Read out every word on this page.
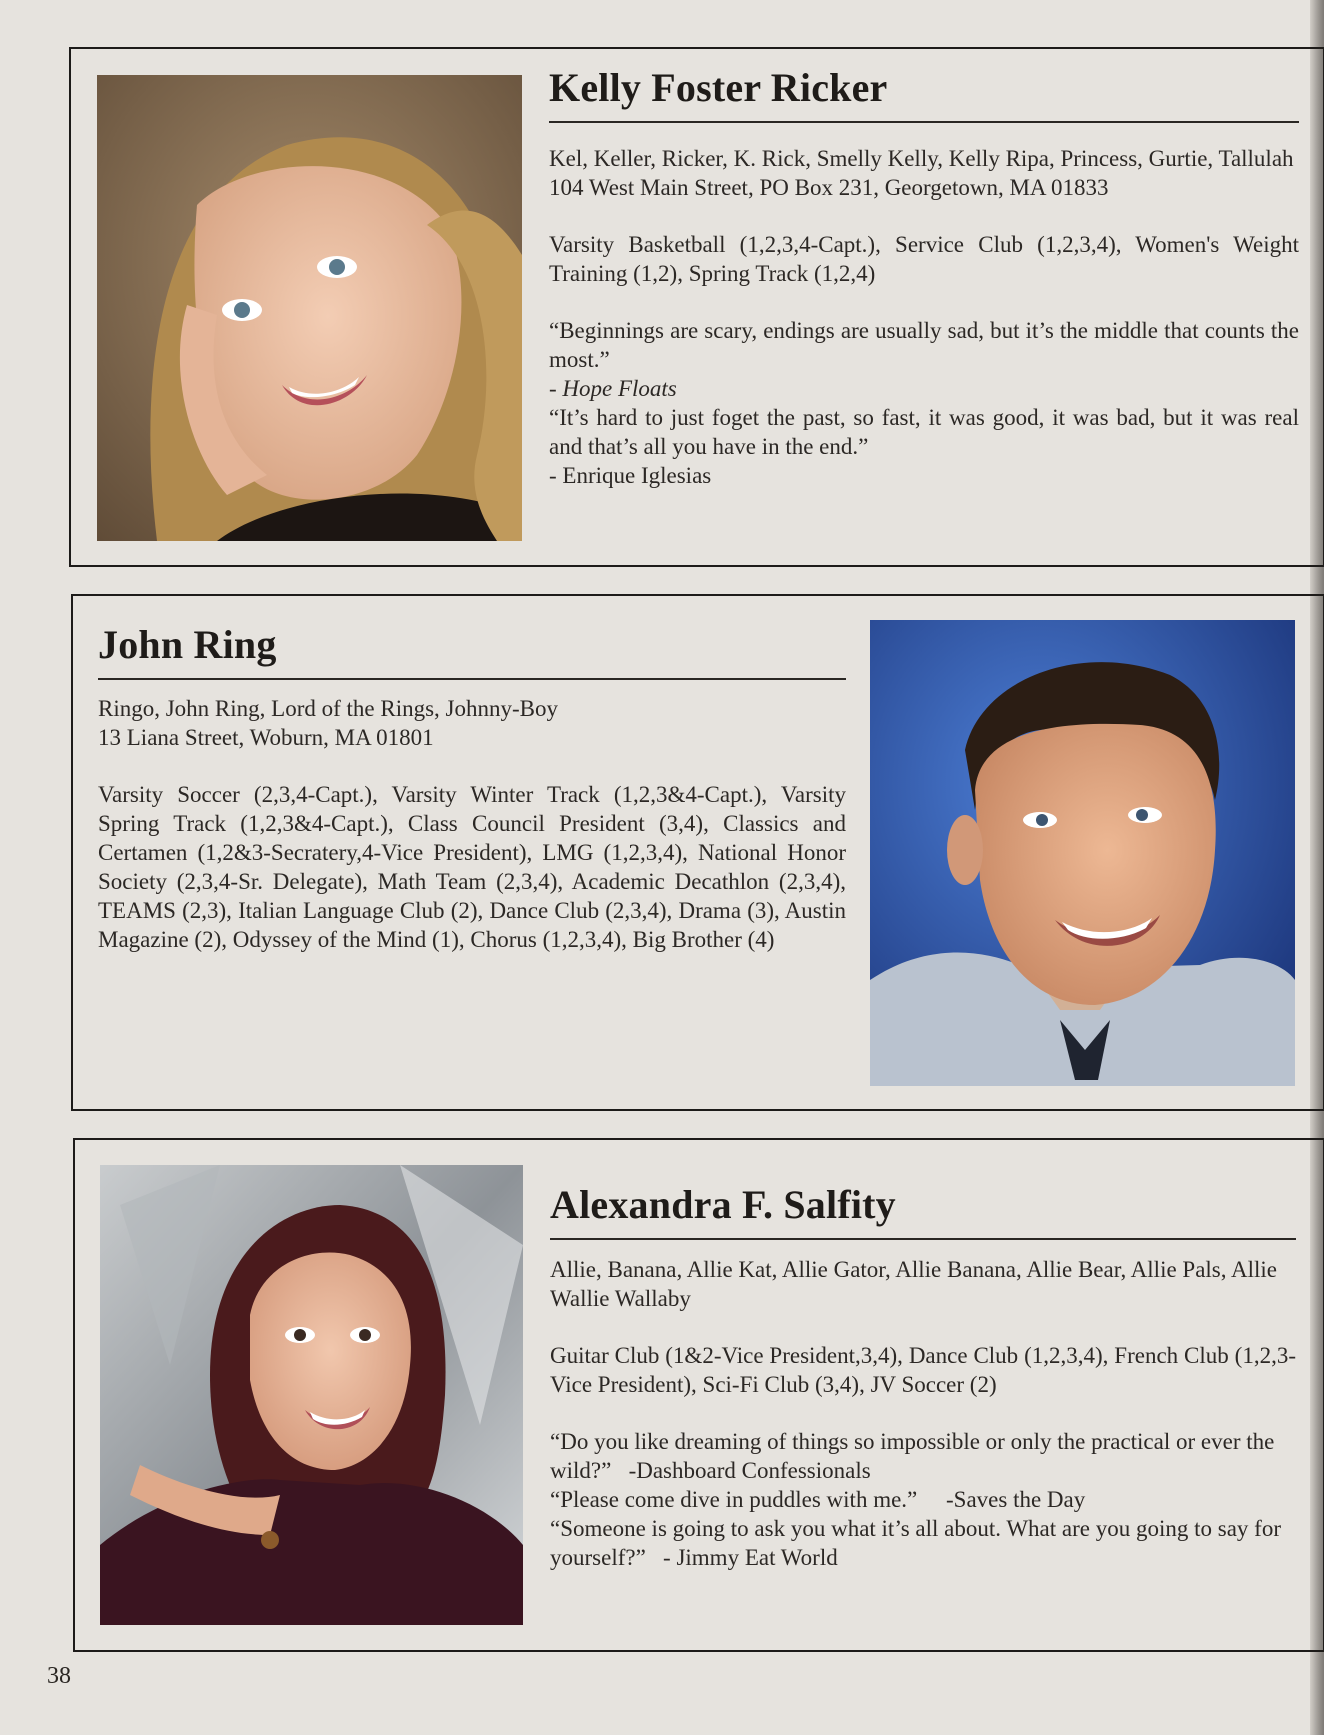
Kelly Foster Ricker

Kel, Keller, Ricker, K. Rick, Smelly Kelly, Kelly Ripa, Princess, Gurtie, Tallulah

104 West Main Street, PO Box 231, Georgetown, MA 01833

Varsity Basketball (1,2,3,4-Capt.), Service Club (1,2,3,4), Women's Weight Training (1,2), Spring Track (1,2,4)

“Beginnings are scary, endings are usually sad, but it’s the middle that counts the most.”

- Hope Floats

“It’s hard to just foget the past, so fast, it was good, it was bad, but it was real and that’s all you have in the end.”

- Enrique Iglesias

John Ring

Ringo, John Ring, Lord of the Rings, Johnny-Boy

13 Liana Street, Woburn, MA 01801

Varsity Soccer (2,3,4-Capt.), Varsity Winter Track (1,2,3&4-Capt.), Varsity Spring Track (1,2,3&4-Capt.), Class Council President (3,4), Classics and Certamen (1,2&3-Secratery,4-Vice President), LMG (1,2,3,4), National Honor Society (2,3,4-Sr. Delegate), Math Team (2,3,4), Academic Decathlon (2,3,4), TEAMS (2,3), Italian Language Club (2), Dance Club (2,3,4), Drama (3), Austin Magazine (2), Odyssey of the Mind (1), Chorus (1,2,3,4), Big Brother (4)

Alexandra F. Salfity

Allie, Banana, Allie Kat, Allie Gator, Allie Banana, Allie Bear, Allie Pals, Allie Wallie Wallaby

Guitar Club (1&2-Vice President,3,4), Dance Club (1,2,3,4), French Club (1,2,3-Vice President), Sci-Fi Club (3,4), JV Soccer (2)

“Do you like dreaming of things so impossible or only the practical or ever the wild?” -Dashboard Confessionals

“Please come dive in puddles with me.” -Saves the Day

“Someone is going to ask you what it’s all about. What are you going to say for yourself?” - Jimmy Eat World

38
